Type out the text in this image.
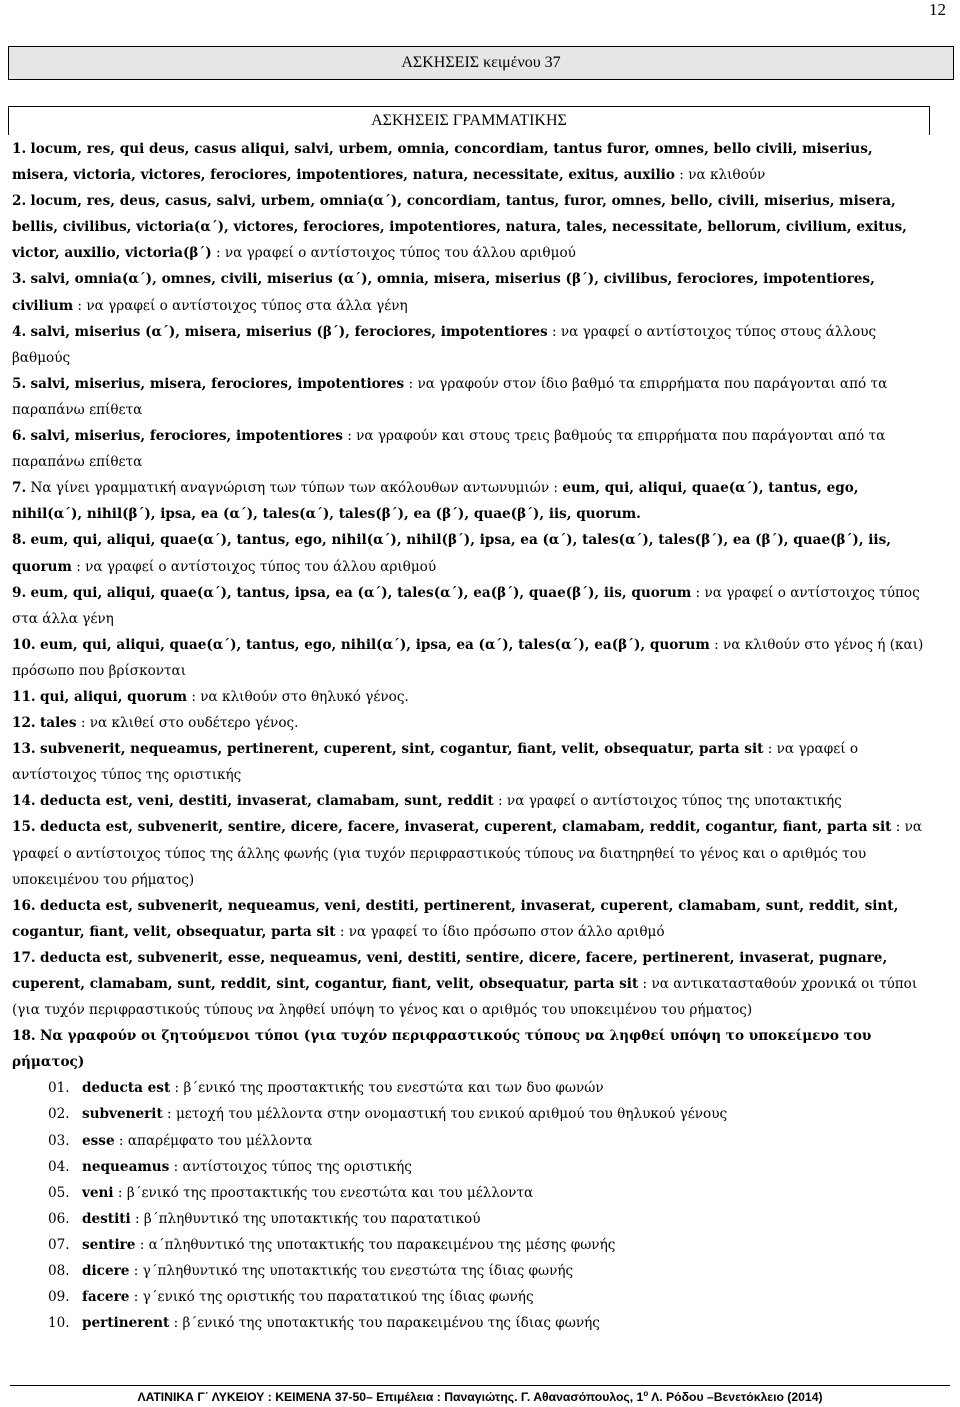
12
ΑΣΚΗΣΕΙΣ κειμένου 37
ΑΣΚΗΣΕΙΣ ΓΡΑΜΜΑΤΙΚΗΣ

1. locum, res, qui deus, casus aliqui, salvi, urbem, omnia, concordiam, tantus furor, omnes, bello civili, miserius, misera, victoria, victores, ferociores, impotentiores, natura, necessitate, exitus, auxilio : να κλιθούν

2. locum, res, deus, casus, salvi, urbem, omnia(α΄), concordiam, tantus, furor, omnes, bello, civili, miserius, misera, bellis, civilibus, victoria(α΄), victores, ferociores, impotentiores, natura, tales, necessitate, bellorum, civilium, exitus, victor, auxilio, victoria(β΄) : να γραφεί ο αντίστοιχος τύπος του άλλου αριθμού

3. salvi, omnia(α΄), omnes, civili, miserius (α΄), omnia, misera, miserius (β΄), civilibus, ferociores, impotentiores, civilium : να γραφεί ο αντίστοιχος τύπος στα άλλα γένη

4. salvi, miserius (α΄), misera, miserius (β΄), ferociores, impotentiores : να γραφεί ο αντίστοιχος τύπος στους άλλους βαθμούς

5. salvi, miserius, misera, ferociores, impotentiores : να γραφούν στον ίδιο βαθμό τα επιρρήματα που παράγονται από τα παραπάνω επίθετα

6. salvi, miserius, ferociores, impotentiores : να γραφούν και στους τρεις βαθμούς τα επιρρήματα που παράγονται από τα παραπάνω επίθετα

7. Να γίνει γραμματική αναγνώριση των τύπων των ακόλουθων αντωνυμιών : eum, qui, aliqui, quae(α΄), tantus, ego, nihil(α΄), nihil(β΄), ipsa, ea (α΄), tales(α΄), tales(β΄), ea (β΄), quae(β΄), iis, quorum.

8. eum, qui, aliqui, quae(α΄), tantus, ego, nihil(α΄), nihil(β΄), ipsa, ea (α΄), tales(α΄), tales(β΄), ea (β΄), quae(β΄), iis, quorum : να γραφεί ο αντίστοιχος τύπος του άλλου αριθμού

9. eum, qui, aliqui, quae(α΄), tantus, ipsa, ea (α΄), tales(α΄), ea(β΄), quae(β΄), iis, quorum : να γραφεί ο αντίστοιχος τύπος στα άλλα γένη

10. eum, qui, aliqui, quae(α΄), tantus, ego, nihil(α΄), ipsa, ea (α΄), tales(α΄), ea(β΄), quorum : να κλιθούν στο γένος ή (και) πρόσωπο που βρίσκονται

11. qui, aliqui, quorum : να κλιθούν στο θηλυκό γένος.

12. tales : να κλιθεί στο ουδέτερο γένος.

13. subvenerit, nequeamus, pertinerent, cuperent, sint, cogantur, fiant, velit, obsequatur, parta sit : να γραφεί ο αντίστοιχος τύπος της οριστικής

14. deducta est, veni, destiti, invaserat, clamabam, sunt, reddit : να γραφεί ο αντίστοιχος τύπος της υποτακτικής

15. deducta est, subvenerit, sentire, dicere, facere, invaserat, cuperent, clamabam, reddit, cogantur, fiant, parta sit : να γραφεί ο αντίστοιχος τύπος της άλλης φωνής (για τυχόν περιφραστικούς τύπους να διατηρηθεί το γένος και ο αριθμός του υποκειμένου του ρήματος)

16. deducta est, subvenerit, nequeamus, veni, destiti, pertinerent, invaserat, cuperent, clamabam, sunt, reddit, sint, cogantur, fiant, velit, obsequatur, parta sit : να γραφεί το ίδιο πρόσωπο στον άλλο αριθμό

17. deducta est, subvenerit, esse, nequeamus, veni, destiti, sentire, dicere, facere, pertinerent, invaserat, pugnare, cuperent, clamabam, sunt, reddit, sint, cogantur, fiant, velit, obsequatur, parta sit : να αντικατασταθούν χρονικά οι τύποι (για τυχόν περιφραστικούς τύπους να ληφθεί υπόψη το γένος και ο αριθμός του υποκειμένου του ρήματος)

18. Να γραφούν οι ζητούμενοι τύποι (για τυχόν περιφραστικούς τύπους να ληφθεί υπόψη το υποκείμενο του ρήματος)

01. deducta est : β΄ενικό της προστακτικής του ενεστώτα και των δυο φωνών

02. subvenerit : μετοχή του μέλλοντα στην ονομαστική του ενικού αριθμού του θηλυκού γένους

03. esse : απαρέμφατο του μέλλοντα

04. nequeamus : αντίστοιχος τύπος της οριστικής

05. veni : β΄ενικό της προστακτικής του ενεστώτα και του μέλλοντα

06. destiti : β΄πληθυντικό της υποτακτικής του παρατατικού

07. sentire : α΄πληθυντικό της υποτακτικής του παρακειμένου της μέσης φωνής

08. dicere : γ΄πληθυντικό της υποτακτικής του ενεστώτα της ίδιας φωνής

09. facere : γ΄ενικό της οριστικής του παρατατικού της ίδιας φωνής

10. pertinerent : β΄ενικό της υποτακτικής του παρακειμένου της ίδιας φωνής

ΛΑΤΙΝΙΚΑ Γ΄ ΛΥΚΕΙΟΥ : ΚΕΙΜΕΝΑ 37-50– Επιμέλεια : Παναγιώτης. Γ. Αθανασόπουλος, $1^o$ Λ. Ρόδου –Βενετόκλειο (2014)
